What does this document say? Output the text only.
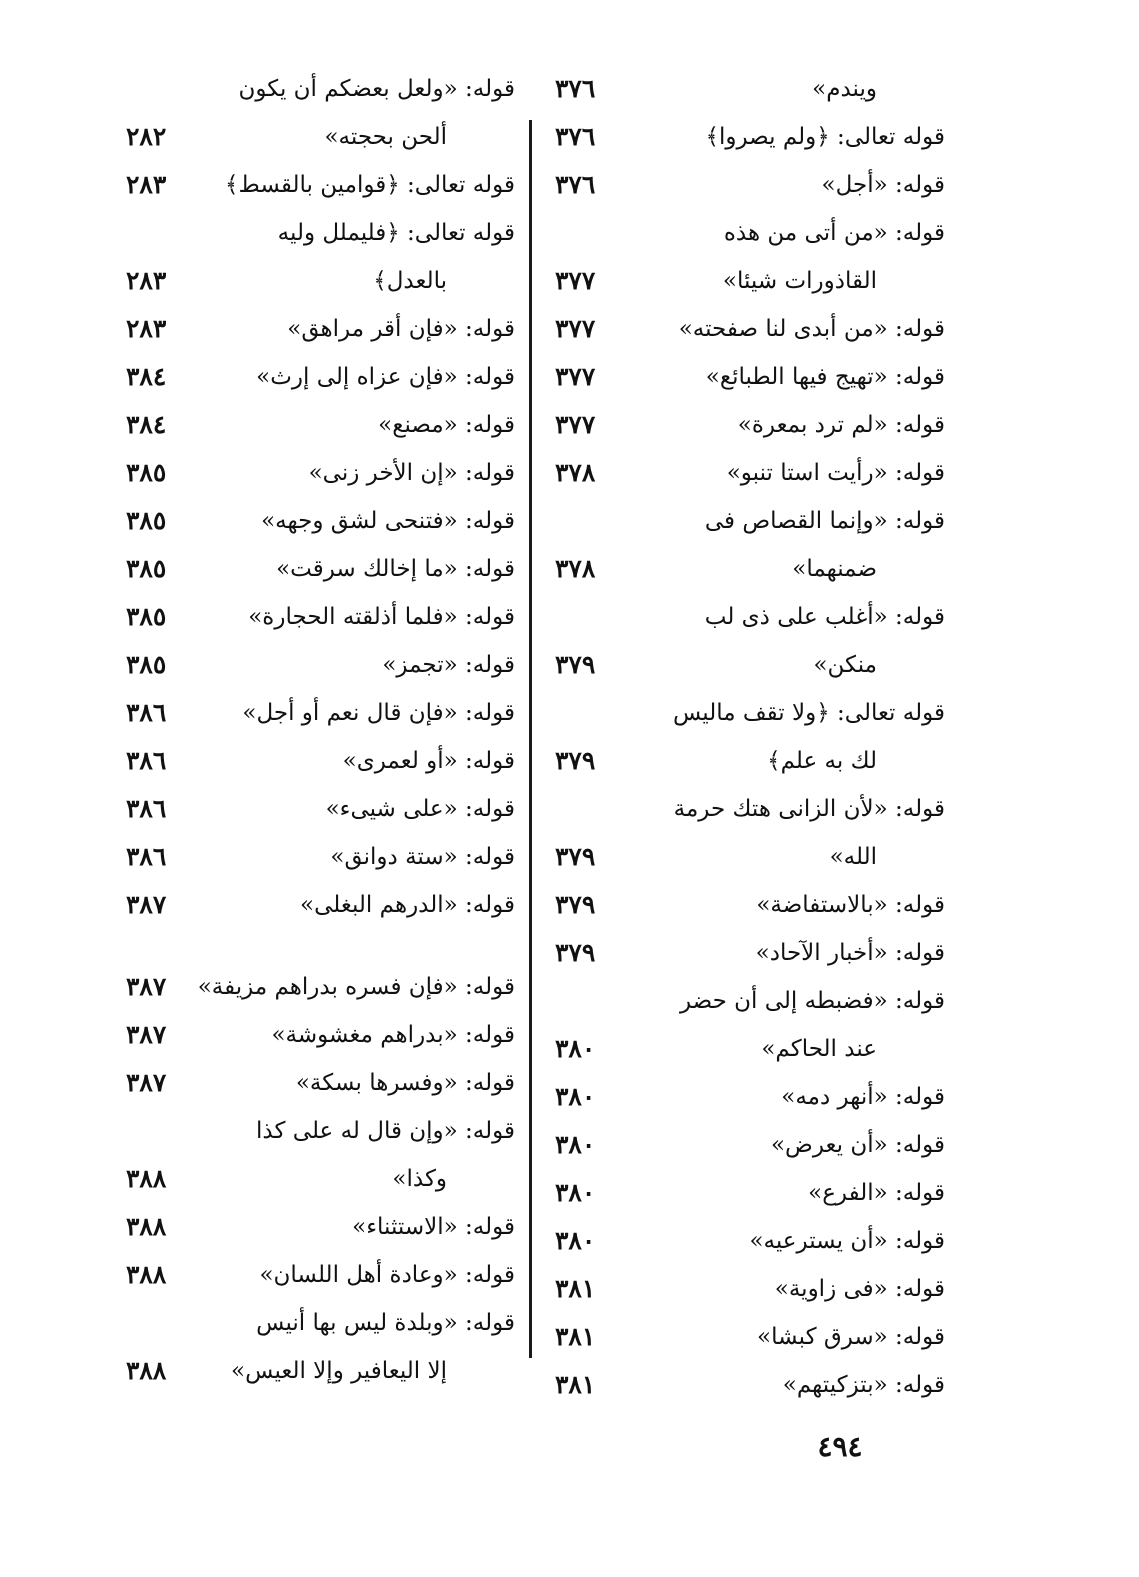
ويندم»
٣٧٦
قوله تعالى: ﴿ولم يصروا﴾
٣٧٦
قوله: «أجل»
٣٧٦
قوله: «من أتى من هذه
القاذورات شيئا»
٣٧٧
قوله: «من أبدى لنا صفحته»
٣٧٧
قوله: «تهيج فيها الطبائع»
٣٧٧
قوله: «لم ترد بمعرة»
٣٧٧
قوله: «رأيت استا تنبو»
٣٧٨
قوله: «وإنما القصاص فى
ضمنهما»
٣٧٨
قوله: «أغلب على ذى لب
منكن»
٣٧٩
قوله تعالى: ﴿ولا تقف ماليس
لك به علم﴾
٣٧٩
قوله: «لأن الزانى هتك حرمة
الله»
٣٧٩
قوله: «بالاستفاضة»
٣٧٩
قوله: «أخبار الآحاد»
٣٧٩
قوله: «فضبطه إلى أن حضر
عند الحاكم»
٣٨٠
قوله: «أنهر دمه»
٣٨٠
قوله: «أن يعرض»
٣٨٠
قوله: «الفرع»
٣٨٠
قوله: «أن يسترعيه»
٣٨٠
قوله: «فى زاوية»
٣٨١
قوله: «سرق كبشا»
٣٨١
قوله: «بتزكيتهم»
٣٨١
قوله: «ولعل بعضكم أن يكون
ألحن بحجته»
٢٨٢
قوله تعالى: ﴿قوامين بالقسط﴾
٢٨٣
قوله تعالى: ﴿فليملل وليه
بالعدل﴾
٢٨٣
قوله: «فإن أقر مراهق»
٢٨٣
قوله: «فإن عزاه إلى إرث»
٣٨٤
قوله: «مصنع»
٣٨٤
قوله: «إن الأخر زنى»
٣٨٥
قوله: «فتنحى لشق وجهه»
٣٨٥
قوله: «ما إخالك سرقت»
٣٨٥
قوله: «فلما أذلقته الحجارة»
٣٨٥
قوله: «تجمز»
٣٨٥
قوله: «فإن قال نعم أو أجل»
٣٨٦
قوله: «أو لعمرى»
٣٨٦
قوله: «على شيىء»
٣٨٦
قوله: «ستة دوانق»
٣٨٦
قوله: «الدرهم البغلى»
٣٨٧
قوله: «فإن فسره بدراهم مزيفة»
٣٨٧
قوله: «بدراهم مغشوشة»
٣٨٧
قوله: «وفسرها بسكة»
٣٨٧
قوله: «وإن قال له على كذا
وكذا»
٣٨٨
قوله: «الاستثناء»
٣٨٨
قوله: «وعادة أهل اللسان»
٣٨٨
قوله: «وبلدة ليس بها أنيس
إلا اليعافير وإلا العيس»
٣٨٨
٤٩٤
